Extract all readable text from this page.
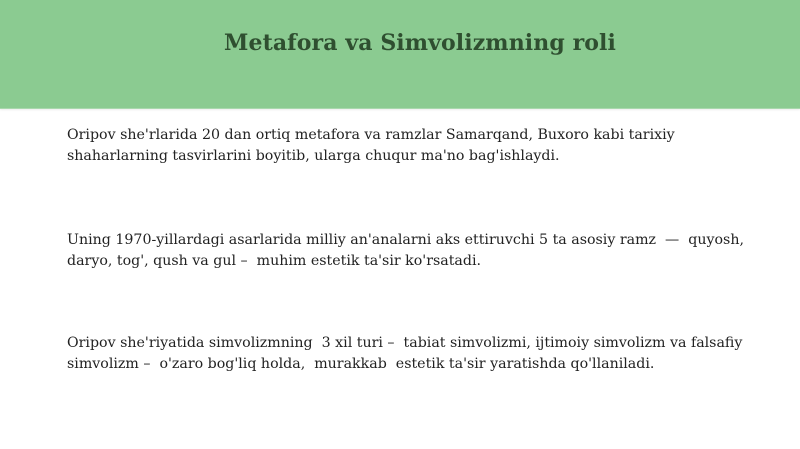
Metafora va Simvolizmning roli

Oripov she'rlarida 20 dan ortiq metafora va ramzlar Samarqand, Buxoro kabi tarixiy shaharlarning tasvirlarini boyitib, ularga chuqur ma'no bag'ishlaydi.

Uning 1970-yillardagi asarlarida milliy an'analarni aks ettiruvchi 5 ta asosiy ramz  —  quyosh, daryo, tog', qush va gul –  muhim estetik ta'sir ko'rsatadi.

Oripov she'riyatida simvolizmning  3 xil turi –  tabiat simvolizmi, ijtimoiy simvolizm va falsafiy simvolizm –  o'zaro bog'liq holda,  murakkab  estetik ta'sir yaratishda qo'llaniladi.
